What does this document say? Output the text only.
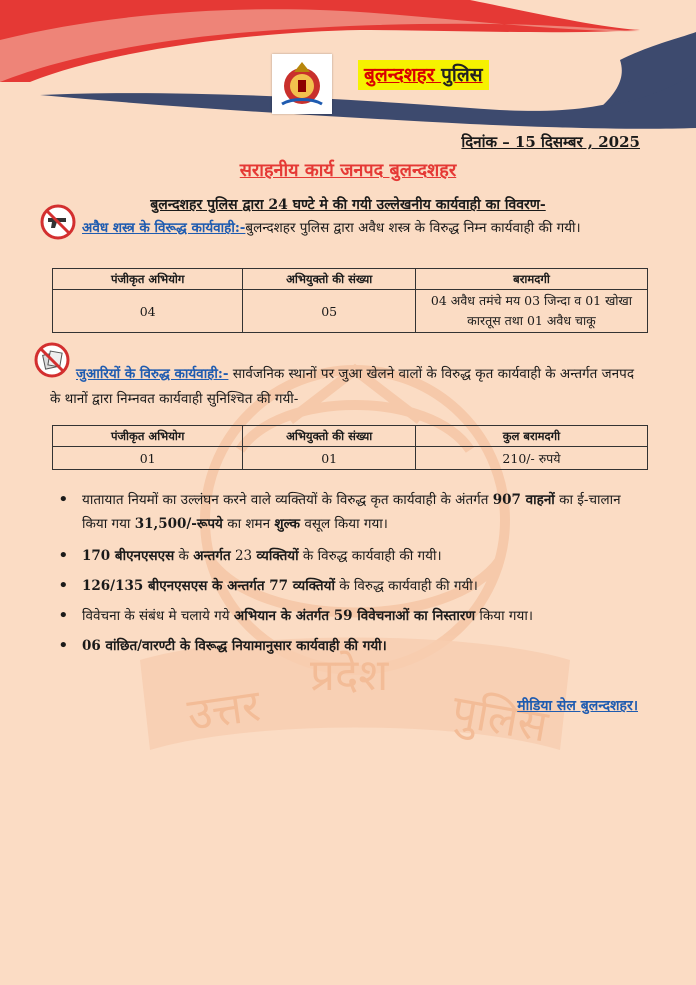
उत्तर
प्रदेश
पुलिस
बुलन्दशहर पुलिस
दिनांक – 15 दिसम्बर , 2025
सराहनीय कार्य जनपद बुलन्दशहर
बुलन्दशहर पुलिस द्वारा 24 घण्टे मे की गयी उल्लेखनीय कार्यवाही का विवरण-
अवैध शस्त्र के विरूद्ध कार्यवाही:-बुलन्दशहर पुलिस द्वारा अवैध शस्त्र के विरुद्ध निम्न कार्यवाही की गयी।
पंजीकृत अभियोग	अभियुक्तो की संख्या	बरामदगी
04	05	04 अवैध तमंचे मय 03 जिन्दा व 01 खोखा कारतूस तथा 01 अवैध चाकू
जुआरियों के विरुद्ध कार्यवाही:- सार्वजनिक स्थानों पर जुआ खेलने वालों के विरुद्ध कृत कार्यवाही के अन्तर्गत जनपद के थानों द्वारा निम्नवत कार्यवाही सुनिश्चित की गयी-
पंजीकृत अभियोग	अभियुक्तो की संख्या	कुल बरामदगी
01	01	210/- रुपये
• यातायात नियमों का उल्लंघन करने वाले व्यक्तियों के विरुद्ध कृत कार्यवाही के अंतर्गत 907 वाहनों का ई-चालान किया गया 31,500/-रूपये का शमन शुल्क वसूल किया गया।
• 170 बीएनएसएस के अन्तर्गत 23 व्यक्तियों के विरुद्ध कार्यवाही की गयी।
• 126/135 बीएनएसएस के अन्तर्गत 77 व्यक्तियों के विरुद्ध कार्यवाही की गयी।
• विवेचना के संबंध मे चलाये गये अभियान के अंतर्गत 59 विवेचनाओं का निस्तारण किया गया।
• 06 वांछित/वारण्टी के विरूद्ध नियामानुसार कार्यवाही की गयी।
मीडिया सेल बुलन्दशहर।
